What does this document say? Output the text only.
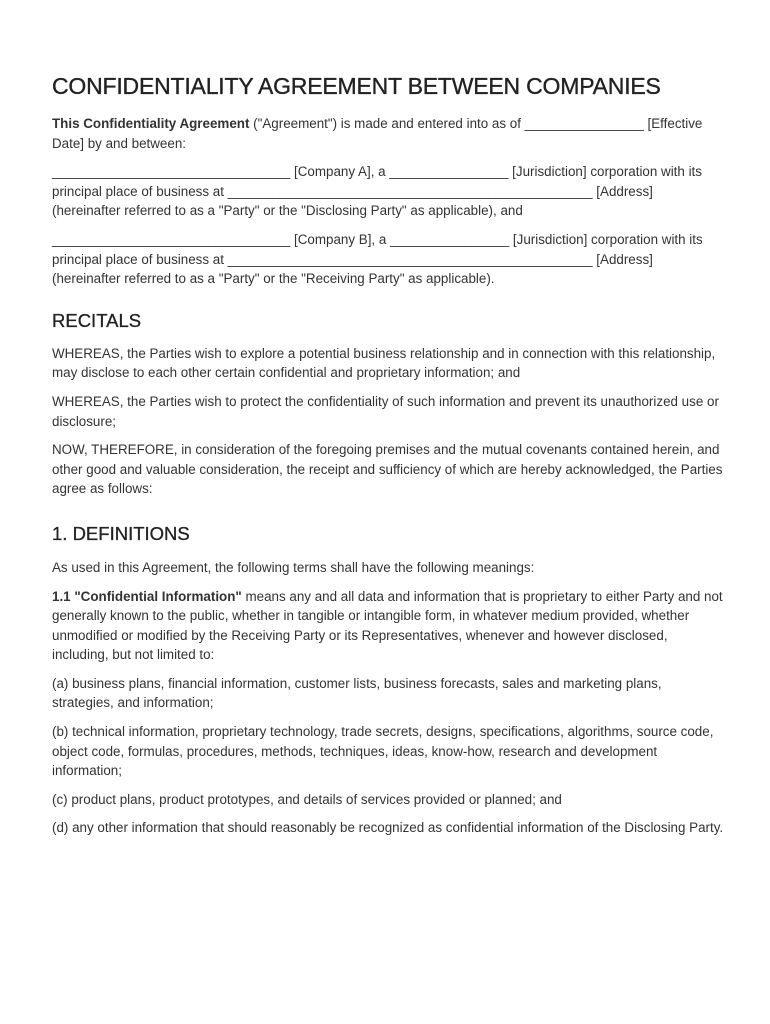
CONFIDENTIALITY AGREEMENT BETWEEN COMPANIES

This Confidentiality Agreement ("Agreement") is made and entered into as of ________________ [Effective Date] by and between:

________________________________ [Company A], a ________________ [Jurisdiction] corporation with its principal place of business at _________________________________________________ [Address] (hereinafter referred to as a "Party" or the "Disclosing Party" as applicable), and

________________________________ [Company B], a ________________ [Jurisdiction] corporation with its principal place of business at _________________________________________________ [Address] (hereinafter referred to as a "Party" or the "Receiving Party" as applicable).

RECITALS

WHEREAS, the Parties wish to explore a potential business relationship and in connection with this relationship, may disclose to each other certain confidential and proprietary information; and

WHEREAS, the Parties wish to protect the confidentiality of such information and prevent its unauthorized use or disclosure;

NOW, THEREFORE, in consideration of the foregoing premises and the mutual covenants contained herein, and other good and valuable consideration, the receipt and sufficiency of which are hereby acknowledged, the Parties agree as follows:

1. DEFINITIONS

As used in this Agreement, the following terms shall have the following meanings:

1.1 "Confidential Information" means any and all data and information that is proprietary to either Party and not generally known to the public, whether in tangible or intangible form, in whatever medium provided, whether unmodified or modified by the Receiving Party or its Representatives, whenever and however disclosed, including, but not limited to:

(a) business plans, financial information, customer lists, business forecasts, sales and marketing plans, strategies, and information;

(b) technical information, proprietary technology, trade secrets, designs, specifications, algorithms, source code, object code, formulas, procedures, methods, techniques, ideas, know-how, research and development information;

(c) product plans, product prototypes, and details of services provided or planned; and

(d) any other information that should reasonably be recognized as confidential information of the Disclosing Party.
